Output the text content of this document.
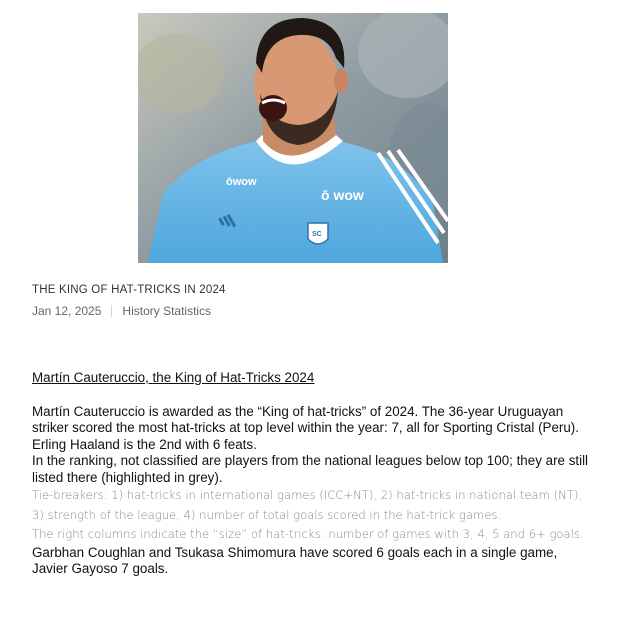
ōwow
ō wow
SC
THE KING OF HAT-TRICKS IN 2024
Jan 12, 2025 History Statistics

Martín Cauteruccio, the King of Hat-Tricks 2024

Martín Cauteruccio is awarded as the “King of hat-tricks” of 2024. The 36-year Uruguayan striker scored the most hat-tricks at top level within the year: 7, all for Sporting Cristal (Peru).

Erling Haaland is the 2nd with 6 feats.

In the ranking, not classified are players from the national leagues below top 100; they are still listed there (highlighted in grey).

Tie-breakers: 1) hat-tricks in international games (ICC+NT), 2) hat-tricks in national team (NT), 3) strength of the league, 4) number of total goals scored in the hat-trick games.

The right columns indicate the “size” of hat-tricks: number of games with 3, 4, 5 and 6+ goals.

Garbhan Coughlan and Tsukasa Shimomura have scored 6 goals each in a single game, Javier Gayoso 7 goals.
